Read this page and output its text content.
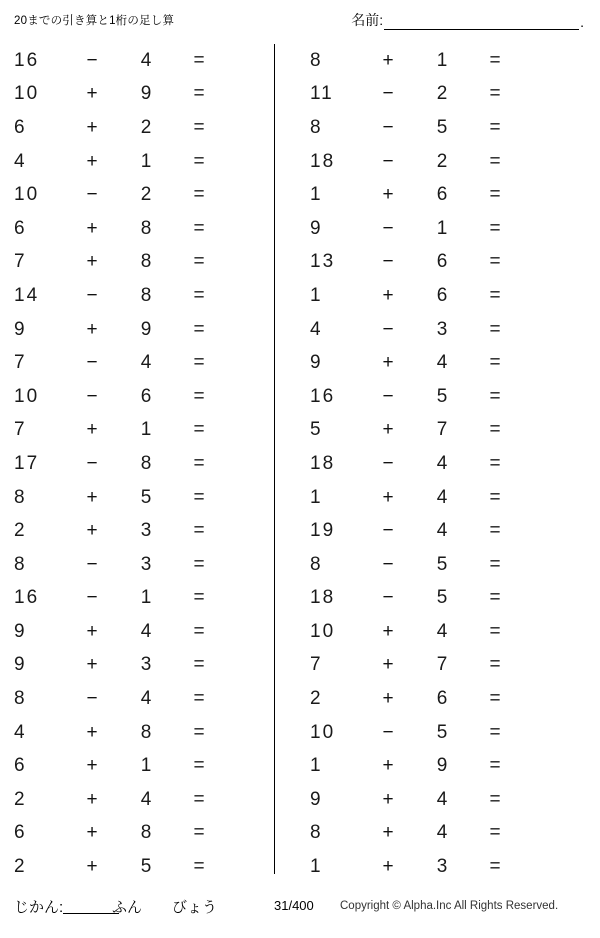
20までの引き算と1桁の足し算	名前:	.
16	−	4	=
10	+	9	=
6	+	2	=
4	+	1	=
10	−	2	=
6	+	8	=
7	+	8	=
14	−	8	=
9	+	9	=
7	−	4	=
10	−	6	=
7	+	1	=
17	−	8	=
8	+	5	=
2	+	3	=
8	−	3	=
16	−	1	=
9	+	4	=
9	+	3	=
8	−	4	=
4	+	8	=
6	+	1	=
2	+	4	=
6	+	8	=
2	+	5	=
8	+	1	=
11	−	2	=
8	−	5	=
18	−	2	=
1	+	6	=
9	−	1	=
13	−	6	=
1	+	6	=
4	−	3	=
9	+	4	=
16	−	5	=
5	+	7	=
18	−	4	=
1	+	4	=
19	−	4	=
8	−	5	=
18	−	5	=
10	+	4	=
7	+	7	=
2	+	6	=
10	−	5	=
1	+	9	=
9	+	4	=
8	+	4	=
1	+	3	=
じかん:	ふん びょう	31/400 Copyright © Alpha.Inc All Rights Reserved.
